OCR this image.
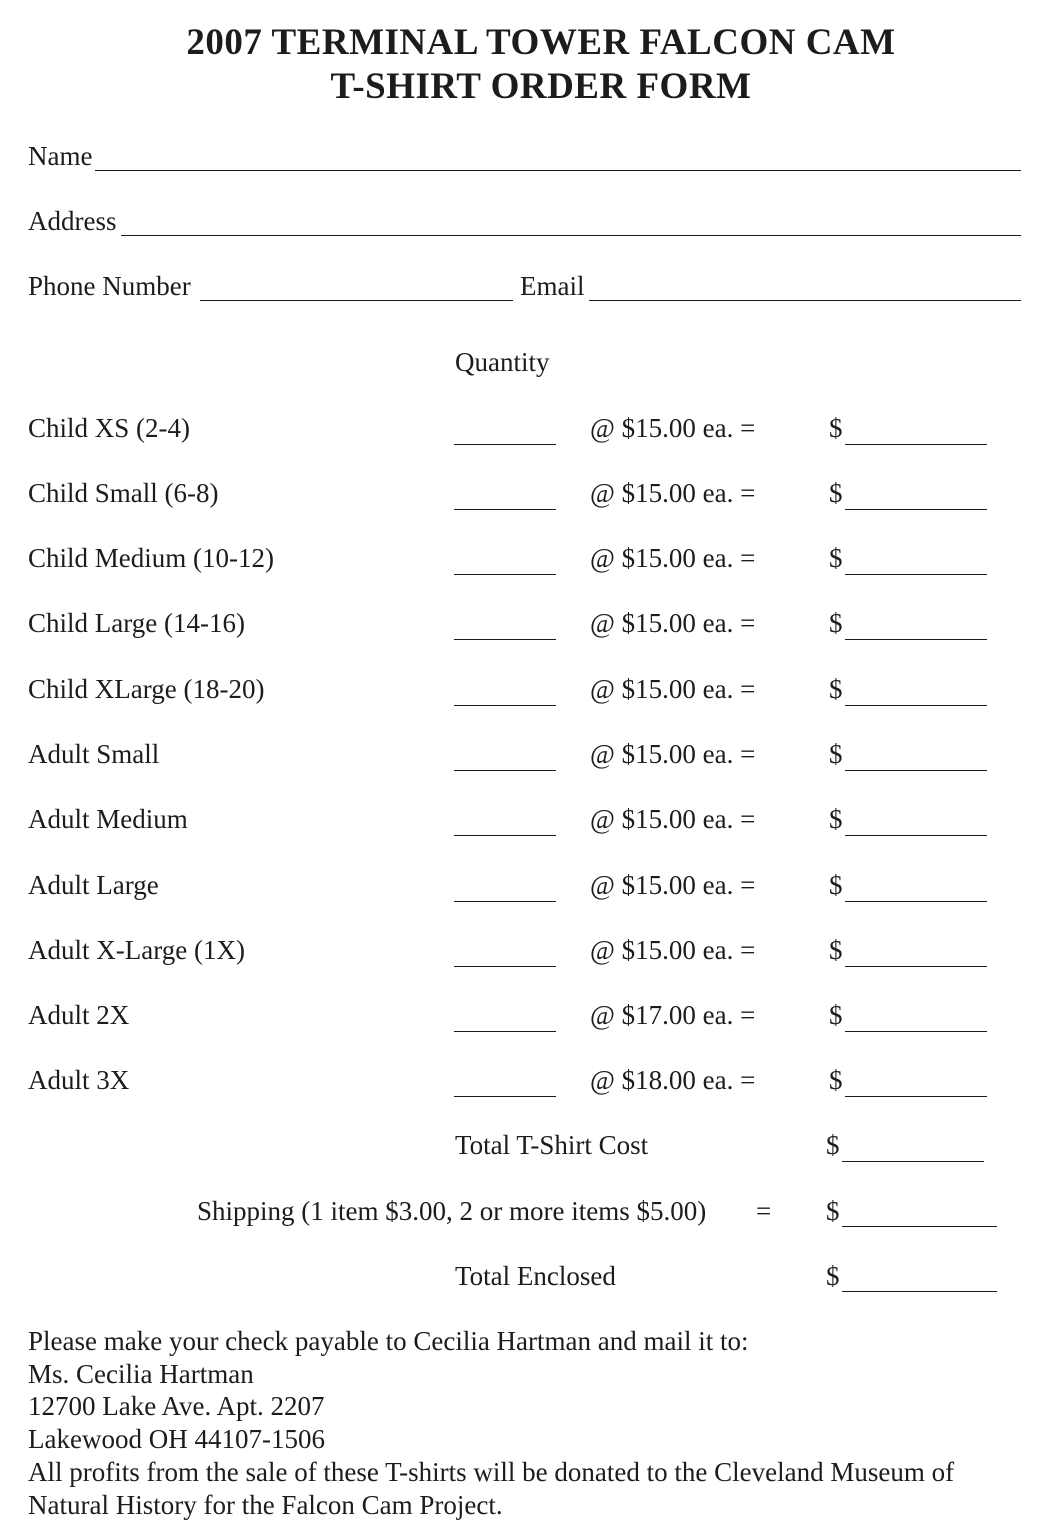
2007 TERMINAL TOWER FALCON CAM
T-SHIRT ORDER FORM
Name
Address
Phone Number	Email
Quantity
Child XS (2-4)	@ $15.00 ea. =	$
Child Small (6-8)	@ $15.00 ea. =	$
Child Medium (10-12)	@ $15.00 ea. =	$
Child Large (14-16)	@ $15.00 ea. =	$
Child XLarge (18-20)	@ $15.00 ea. =	$
Adult Small	@ $15.00 ea. =	$
Adult Medium	@ $15.00 ea. =	$
Adult Large	@ $15.00 ea. =	$
Adult X-Large (1X)	@ $15.00 ea. =	$
Adult 2X	@ $17.00 ea. =	$
Adult 3X	@ $18.00 ea. =	$
Total T-Shirt Cost	$
Shipping (1 item $3.00, 2 or more items $5.00) = $
Total Enclosed	$
Please make your check payable to Cecilia Hartman and mail it to:
Ms. Cecilia Hartman
12700 Lake Ave. Apt. 2207
Lakewood OH 44107-1506
All profits from the sale of these T-shirts will be donated to the Cleveland Museum of Natural History for the Falcon Cam Project.
